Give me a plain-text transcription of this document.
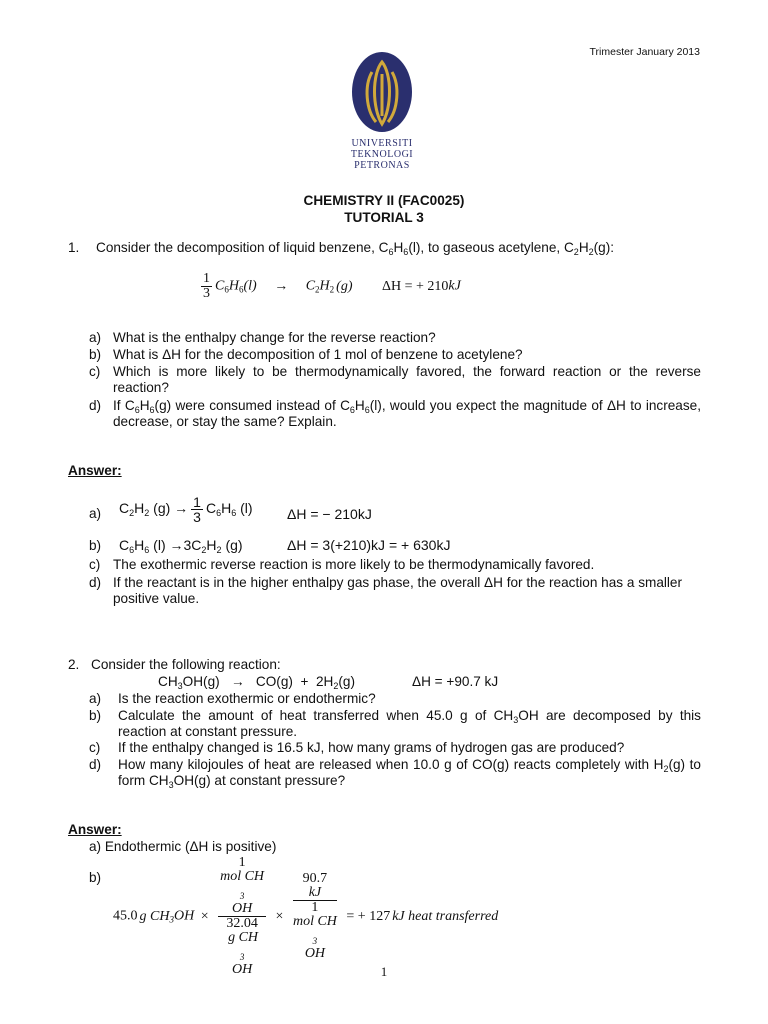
Trimester January 2013
UNIVERSITI
TEKNOLOGI
PETRONAS
CHEMISTRY II (FAC0025)
TUTORIAL 3
1. Consider the decomposition of liquid benzene, $C_6H_6(l)$, to gaseous acetylene, $C_2H_2(g)$:
$\frac{1}{3} C_6H_6(l) \to C_2H_2$ (g) ΔH = + 210kJ
a) What is the enthalpy change for the reverse reaction?
b) What is ΔH for the decomposition of 1 mol of benzene to acetylene?
c) Which is more likely to be thermodynamically favored, the forward reaction or the reverse reaction?
d) If $C_6H_6(g)$ were consumed instead of $C_6H_6(l)$, would you expect the magnitude of ΔH to increase, decrease, or stay the same? Explain.
Answer:
a) $C_2H_2$ $(g) \to \frac{1}{3} C_6H_6$ (l) ΔH = − 210kJ
b) $C_6H_6$ $(l) \to 3C_2H_2$ (g)	ΔH = 3(+210)kJ = + 630kJ
c) The exothermic reverse reaction is more likely to be thermodynamically favored.
d) If the reactant is in the higher enthalpy gas phase, the overall ΔH for the reaction has a smaller positive value.
2. Consider the following reaction:
$CH_3OH(g) \to CO(g) + 2H_2(g)$	ΔH = +90.7 kJ
a) Is the reaction exothermic or endothermic?
b) Calculate the amount of heat transferred when 45.0 g of $CH_3OH$ are decomposed by this reaction at constant pressure.
c) If the enthalpy changed is 16.5 kJ, how many grams of hydrogen gas are produced?
d) How many kilojoules of heat are released when 10.0 g of CO(g) reacts completely with $H_2(g)$ to form $CH_3OH(g)$ at constant pressure?
Answer:
a) Endothermic (ΔH is positive)
b)
45.0 g $CH_3OH \times 1$
mol CH
$_3$
OH
32.04
g CH
$_3$
OH × 90.7
kJ
1
mol CH
$_3$
OH = + 127 kJ heat transferred
1
